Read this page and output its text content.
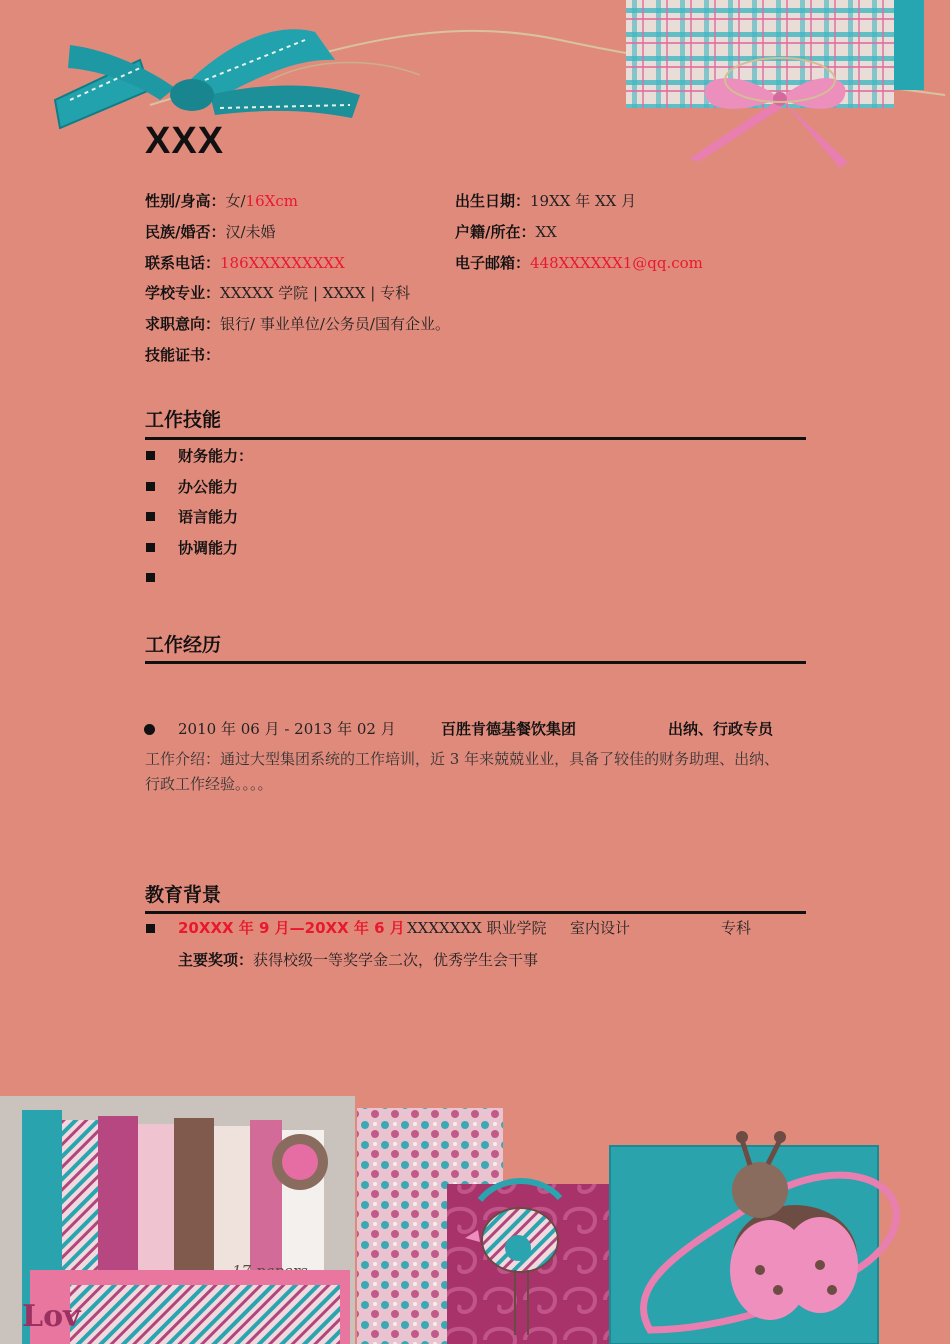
XXX
性别/身高：女/16Xcm	出生日期：19XX 年 XX 月
民族/婚否：汉/未婚	户籍/所在：XX
联系电话：186XXXXXXXXX	电子邮箱：448XXXXXX1@qq.com
学校专业：XXXXX 学院 | XXXX | 专科
求职意向：银行/ 事业单位/公务员/国有企业。
技能证书：
工作技能
财务能力：
办公能力
语言能力
协调能力
工作经历
2010 年 06 月 - 2013 年 02 月	百胜肯德基餐饮集团	出纳、行政专员
工作介绍：通过大型集团系统的工作培训，近 3 年来兢兢业业，具备了较佳的财务助理、出纳、
行政工作经验。。。。
教育背景
20XXX 年 9 月—20XX 年 6 月 XXXXXXX 职业学院 室内设计	专科
主要奖项：获得校级一等奖学金二次，优秀学生会干事
Lov
